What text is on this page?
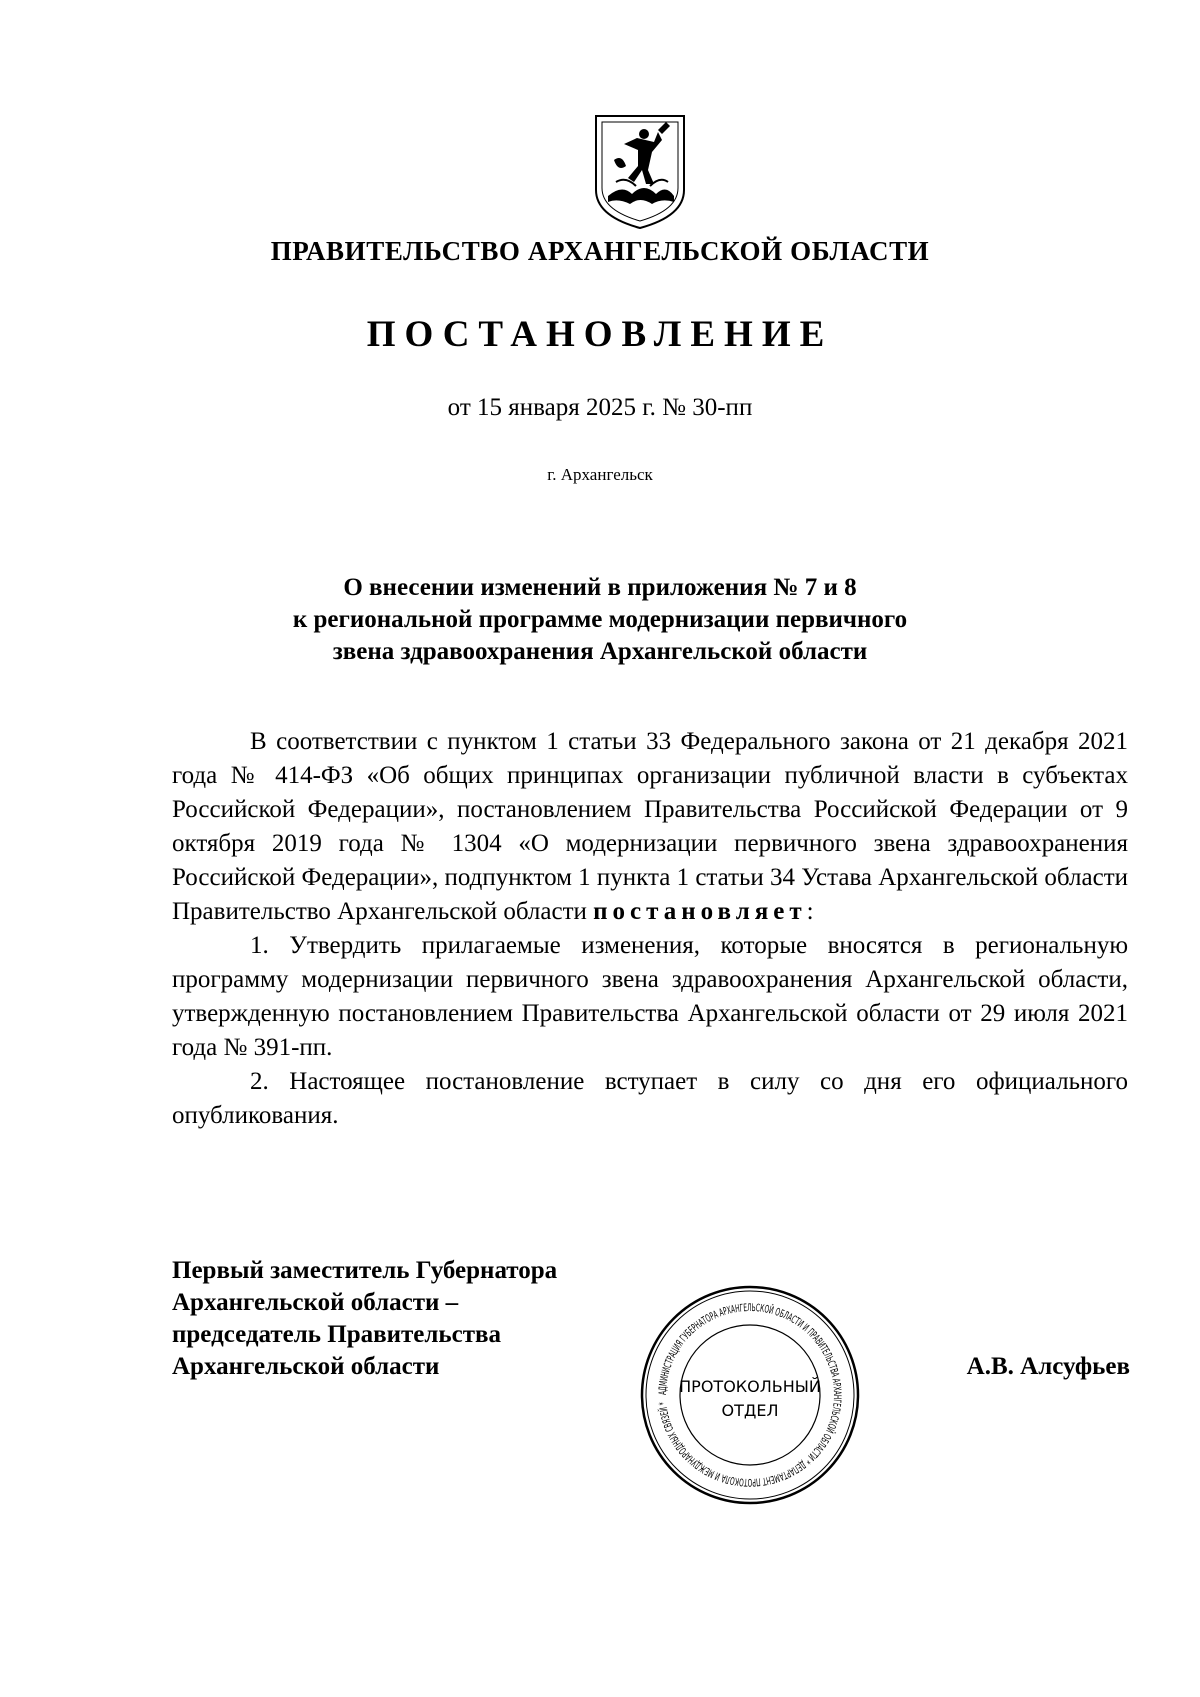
ПРАВИТЕЛЬСТВО АРХАНГЕЛЬСКОЙ ОБЛАСТИ
ПОСТАНОВЛЕНИЕ
от 15 января 2025 г. № 30-пп
г. Архангельск
О внесении изменений в приложения № 7 и 8
к региональной программе модернизации первичного
звена здравоохранения Архангельской области

В соответствии с пунктом 1 статьи 33 Федерального закона от 21 декабря 2021 года № 414-ФЗ «Об общих принципах организации публичной власти в субъектах Российской Федерации», постановлением Правительства Российской Федерации от 9 октября 2019 года № 1304 «О модернизации первичного звена здравоохранения Российской Федерации», подпунктом 1 пункта 1 статьи 34 Устава Архангельской области Правительство Архангельской области постановляет:

1. Утвердить прилагаемые изменения, которые вносятся в региональную программу модернизации первичного звена здравоохранения Архангельской области, утвержденную постановлением Правительства Архангельской области от 29 июля 2021 года № 391-пп.

2. Настоящее постановление вступает в силу со дня его официального опубликования.

Первый заместитель Губернатора
Архангельской области –
председатель Правительства
Архангельской области
АДМИНИСТРАЦИЯ ГУБЕРНАТОРА АРХАНГЕЛЬСКОЙ ОБЛАСТИ И ПРАВИТЕЛЬСТВА АРХАНГЕЛЬСКОЙ ОБЛАСТИ * ДЕПАРТАМЕНТ ПРОТОКОЛА И МЕЖДУНАРОДНЫХ СВЯЗЕЙ *
ПРОТОКОЛЬНЫЙ
ОТДЕЛ
А.В. Алсуфьев
